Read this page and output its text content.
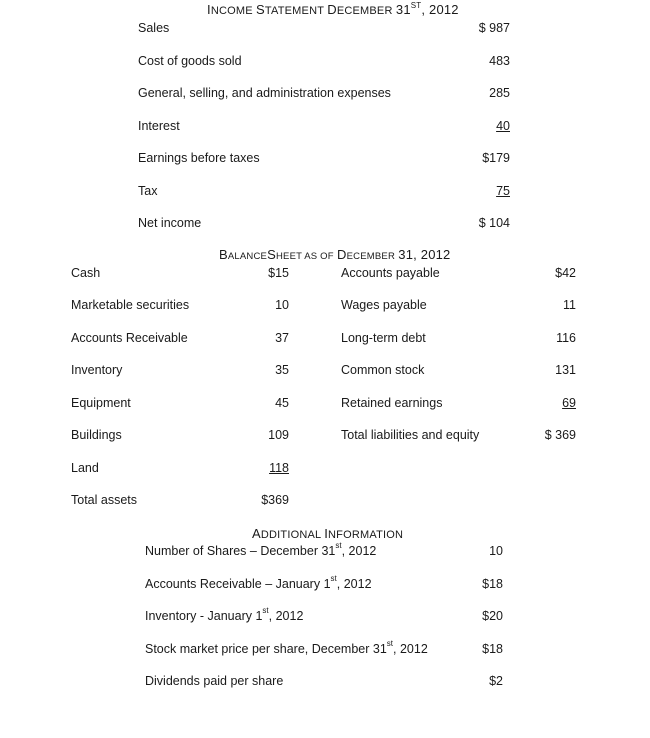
INCOME STATEMENT DECEMBER 31ST, 2012
Sales	$ 987
Cost of goods sold	483
General, selling, and administration expenses	285
Interest	40
Earnings before taxes	$179
Tax	75
Net income	$ 104
BALANCESHEET AS OF DECEMBER 31, 2012
Cash	$15
Marketable securities	10
Accounts Receivable	37
Inventory	35
Equipment	45
Buildings	109
Land	118
Total assets	$369
Accounts payable	$42
Wages payable	11
Long-term debt	116
Common stock	131
Retained earnings	69
Total liabilities and equity	$ 369
ADDITIONAL INFORMATION
Number of Shares – December 31st, 2012	10
Accounts Receivable – January 1st, 2012	$18
Inventory - January 1st, 2012	$20
Stock market price per share, December 31st, 2012	$18
Dividends paid per share	$2
